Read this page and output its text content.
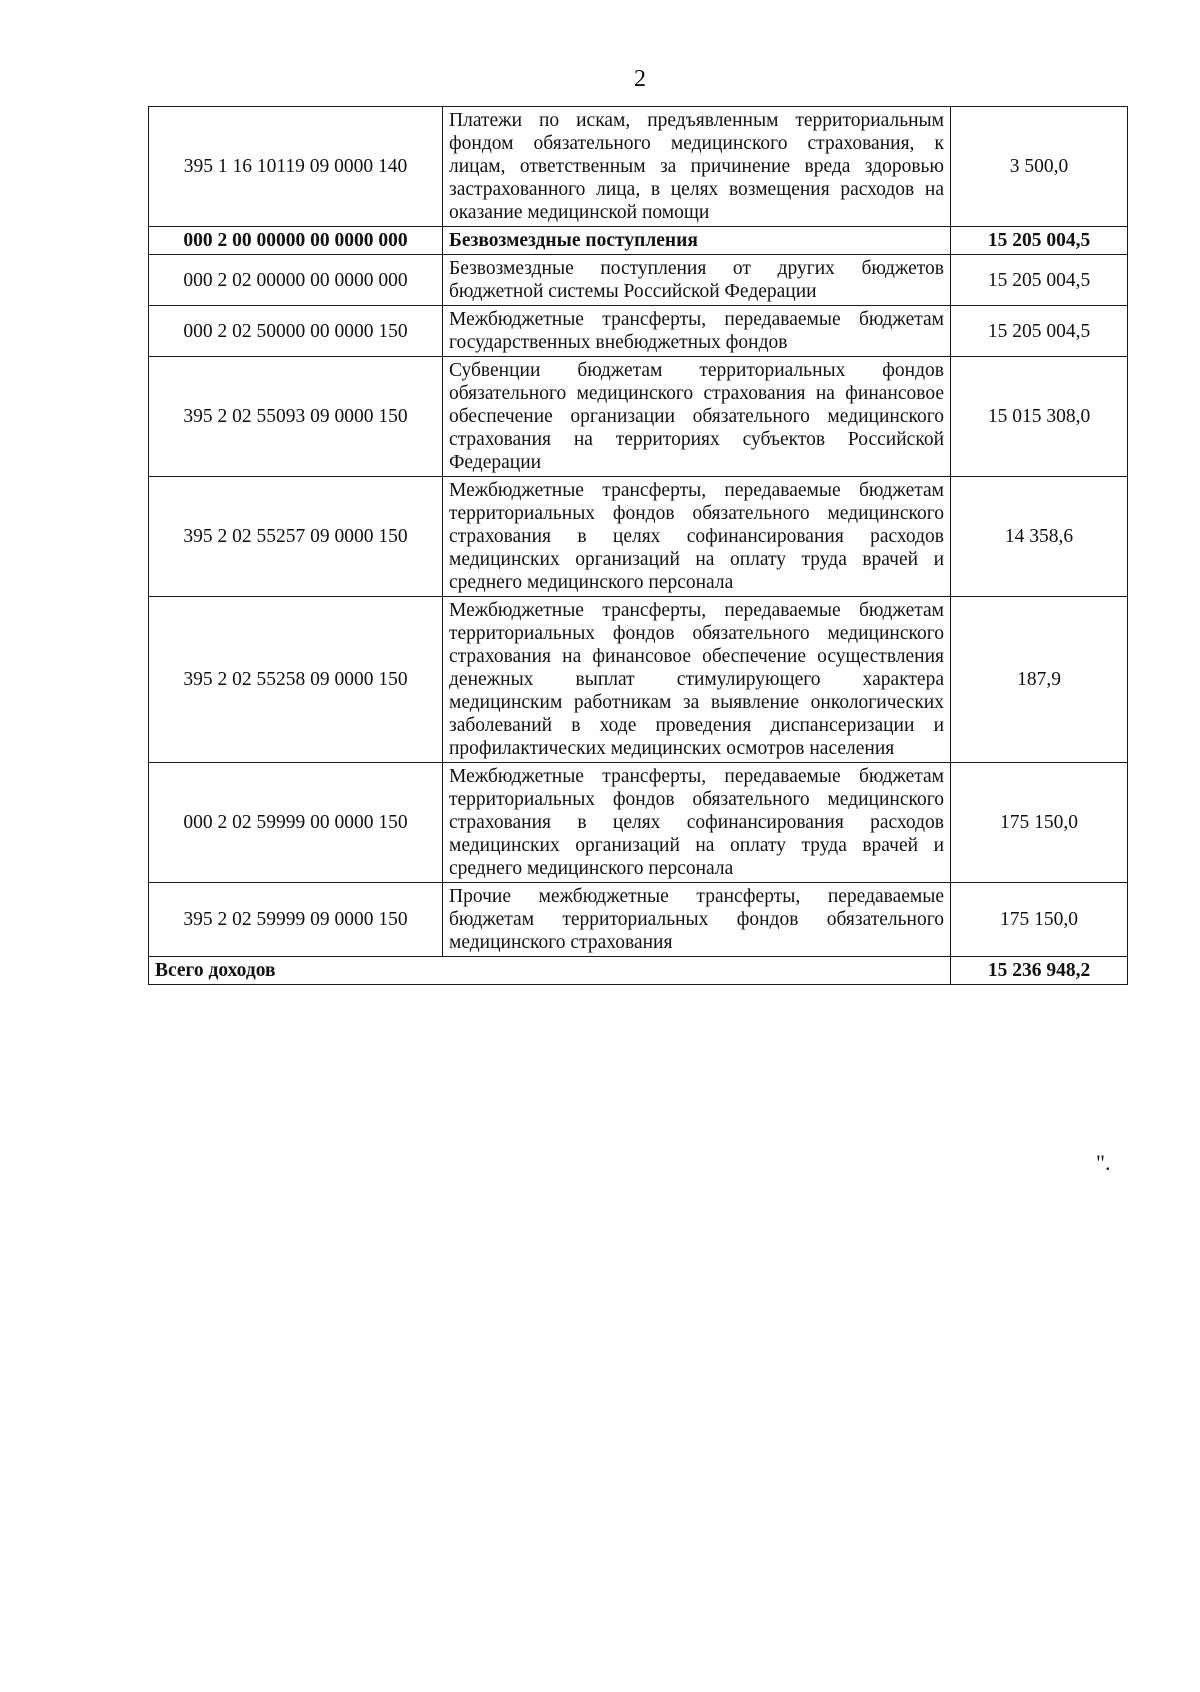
2
395 1 16 10119 09 0000 140	Платежи по искам, предъявленным территориальным фондом обязательного медицинского страхования, к лицам, ответственным за причинение вреда здоровью застрахованного лица, в целях возмещения расходов на оказание медицинской помощи	3 500,0
000 2 00 00000 00 0000 000	Безвозмездные поступления	15 205 004,5
000 2 02 00000 00 0000 000	Безвозмездные поступления от других бюджетов бюджетной системы Российской Федерации	15 205 004,5
000 2 02 50000 00 0000 150	Межбюджетные трансферты, передаваемые бюджетам государственных внебюджетных фондов	15 205 004,5
395 2 02 55093 09 0000 150	Субвенции бюджетам территориальных фондов обязательного медицинского страхования на финансовое обеспечение организации обязательного медицинского страхования на территориях субъектов Российской Федерации	15 015 308,0
395 2 02 55257 09 0000 150	Межбюджетные трансферты, передаваемые бюджетам территориальных фондов обязательного медицинского страхования в целях софинансирования расходов медицинских организаций на оплату труда врачей и среднего медицинского персонала	14 358,6
395 2 02 55258 09 0000 150	Межбюджетные трансферты, передаваемые бюджетам территориальных фондов обязательного медицинского страхования на финансовое обеспечение осуществления денежных выплат стимулирующего характера медицинским работникам за выявление онкологических заболеваний в ходе проведения диспансеризации и профилактических медицинских осмотров населения	187,9
000 2 02 59999 00 0000 150	Межбюджетные трансферты, передаваемые бюджетам территориальных фондов обязательного медицинского страхования в целях софинансирования расходов медицинских организаций на оплату труда врачей и среднего медицинского персонала	175 150,0
395 2 02 59999 09 0000 150	Прочие межбюджетные трансферты, передаваемые бюджетам территориальных фондов обязательного медицинского страхования	175 150,0
Всего доходов		15 236 948,2
".
